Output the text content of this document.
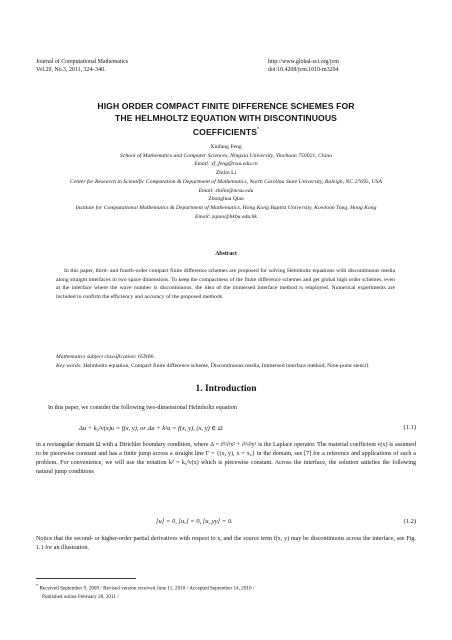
Journal of Computational Mathematics
Vol.29, No.3, 2011, 324–340.
http://www.global-sci.org/jcm
doi:10.4208/jcm.1010-m3204
HIGH ORDER COMPACT FINITE DIFFERENCE SCHEMES FOR
THE HELMHOLTZ EQUATION WITH DISCONTINUOUS
COEFFICIENTS*
Xiufang Feng
School of Mathematics and Computer Sciences, Ningxia University, Yinchuan 750021, China
Email: xf_feng@nxu.edu.cn
Zhilin Li
Center for Research in Scientific Computation & Department of Mathematics, North Carolina State University, Raleigh, NC 27695, USA
Email: zhilin@ncsu.edu
Zhonghua Qiao
Institute for Computational Mathematics & Department of Mathematics, Hong Kong Baptist University, Kowloon Tong, Hong Kong
Email: zqiao@hkbu.edu.hk
Abstract

In this paper, third- and fourth-order compact finite difference schemes are proposed for solving Helmholtz equations with discontinuous media along straight interfaces in two space dimensions. To keep the compactness of the finite difference schemes and get global high order schemes, even at the interface where the wave number is discontinuous, the idea of the immersed interface method is employed. Numerical experiments are included to confirm the efficiency and accuracy of the proposed methods.

Mathematics subject classification: 65N06.
Key words: Helmholtz equation, Compact finite difference scheme, Discontinuous media, Immersed interface method, Nine-point stencil.
1. Introduction
In this paper, we consider the following two-dimensional Helmholtz equation
Δu + k₀²ν(x)u = f(x, y), or Δu + k²u = f(x, y), (x, y) ∈ Ω	(1.1)
in a rectangular domain Ω with a Dirichlet boundary condition, where Δ = ∂²/∂x² + ∂²/∂y² is the Laplace operator. The material coefficient ν(x) is assumed to be piecewise constant and has a finite jump across a straight line Γ = {(x, y), x = x₀} in the domain, see [7] for a reference and applications of such a problem. For convenience, we will use the notation k² = k₀²ν(x) which is piecewise constant. Across the interface, the solution satisfies the following natural jump conditions
[u] = 0, [uₓ] = 0, [u_yy] = 0.	(1.2)
Notice that the second- or higher-order partial derivatives with respect to x, and the source term f(x, y) may be discontinuous across the interface, see Fig. 1.1 for an illustration.
* Received September 9, 2009 / Revised version received June 11, 2010 / Accepted September 14, 2010 /
Published online February 28, 2011 /
